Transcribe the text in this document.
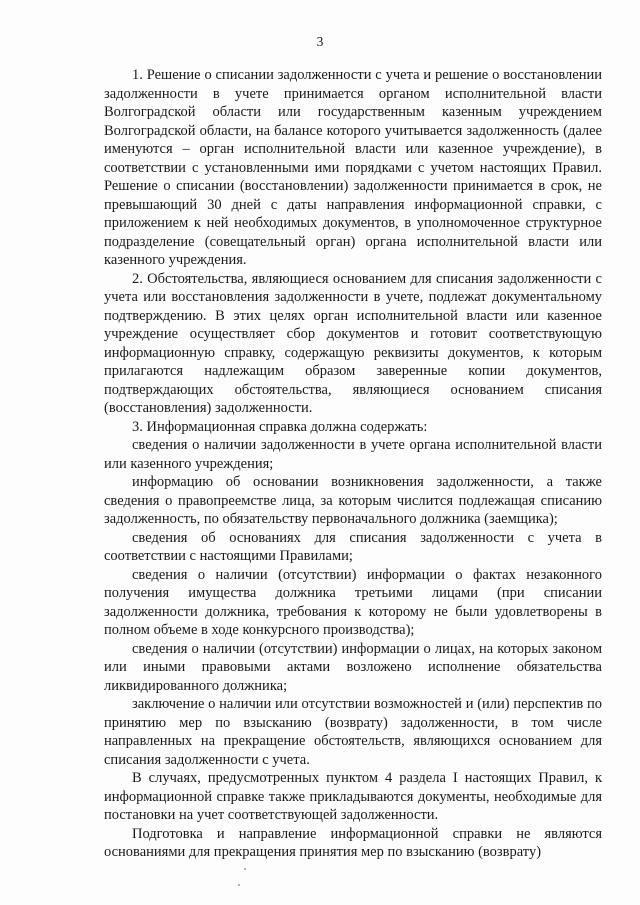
3

1. Решение о списании задолженности с учета и решение о восстановлении задолженности в учете принимается органом исполнительной власти Волгоградской области или государственным казенным учреждением Волгоградской области, на балансе которого учитывается задолженность (далее именуются – орган исполнительной власти или казенное учреждение), в соответствии с установленными ими порядками с учетом настоящих Правил. Решение о списании (восстановлении) задолженности принимается в срок, не превышающий 30 дней с даты направления информационной справки, с приложением к ней необходимых документов, в уполномоченное структурное подразделение (совещательный орган) органа исполнительной власти или казенного учреждения.

2. Обстоятельства, являющиеся основанием для списания задолженности с учета или восстановления задолженности в учете, подлежат документальному подтверждению. В этих целях орган исполнительной власти или казенное учреждение осуществляет сбор документов и готовит соответствующую информационную справку, содержащую реквизиты документов, к которым прилагаются надлежащим образом заверенные копии документов, подтверждающих обстоятельства, являющиеся основанием списания (восстановления) задолженности.

3. Информационная справка должна содержать:

сведения о наличии задолженности в учете органа исполнительной власти или казенного учреждения;

информацию об основании возникновения задолженности, а также сведения о правопреемстве лица, за которым числится подлежащая списанию задолженность, по обязательству первоначального должника (заемщика);

сведения об основаниях для списания задолженности с учета в соответствии с настоящими Правилами;

сведения о наличии (отсутствии) информации о фактах незаконного получения имущества должника третьими лицами (при списании задолженности должника, требования к которому не были удовлетворены в полном объеме в ходе конкурсного производства);

сведения о наличии (отсутствии) информации о лицах, на которых законом или иными правовыми актами возложено исполнение обязательства ликвидированного должника;

заключение о наличии или отсутствии возможностей и (или) перспектив по принятию мер по взысканию (возврату) задолженности, в том числе направленных на прекращение обстоятельств, являющихся основанием для списания задолженности с учета.

В случаях, предусмотренных пунктом 4 раздела I настоящих Правил, к информационной справке также прикладываются документы, необходимые для постановки на учет соответствующей задолженности.

Подготовка и направление информационной справки не являются основаниями для прекращения принятия мер по взысканию (возврату)
